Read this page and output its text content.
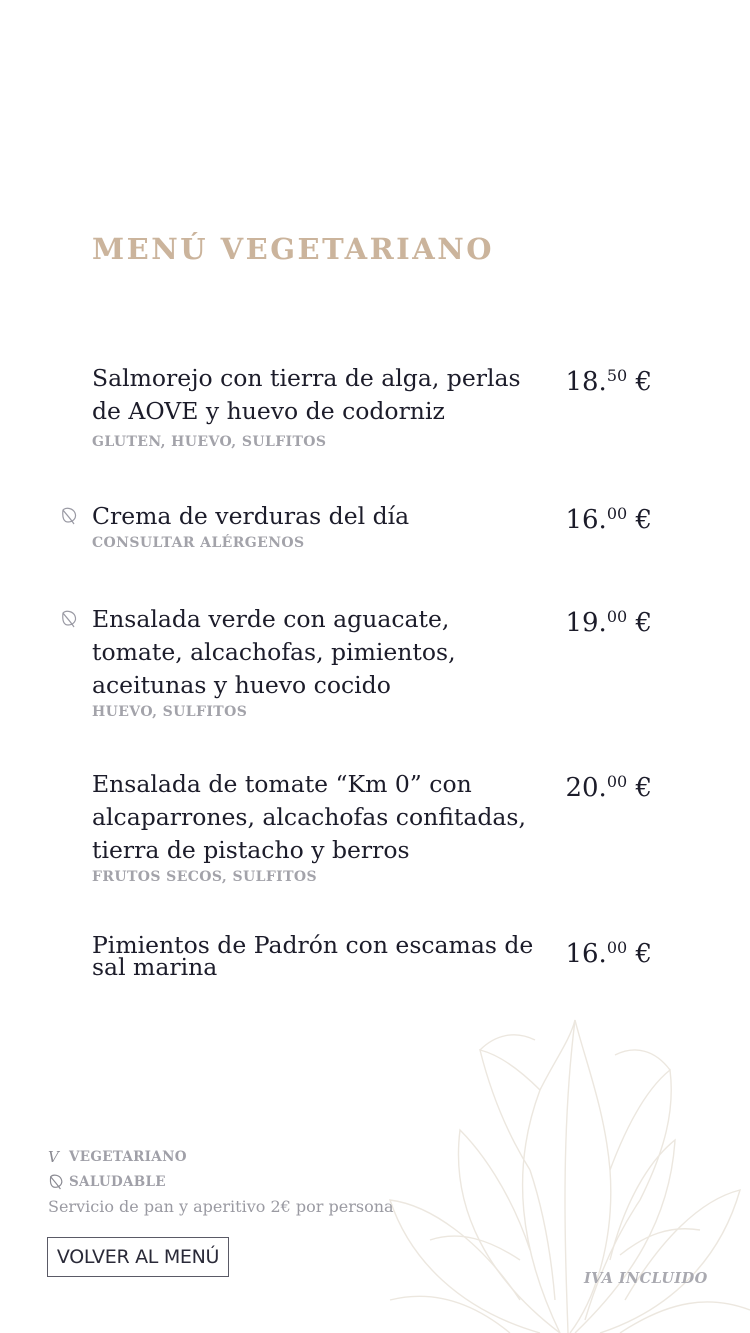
MENÚ VEGETARIANO
Salmorejo con tierra de alga, perlas de AOVE y huevo de codorniz
GLUTEN, HUEVO, SULFITOS
18.50 €
Crema de verduras del día
CONSULTAR ALÉRGENOS
16.00 €
Ensalada verde con aguacate, tomate, alcachofas, pimientos, aceitunas y huevo cocido
HUEVO, SULFITOS
19.00 €
Ensalada de tomate “Km 0” con alcaparrones, alcachofas confitadas, tierra de pistacho y berros
FRUTOS SECOS, SULFITOS
20.00 €
Pimientos de Padrón con escamas de sal marina	16.00 €
V VEGETARIANO
SALUDABLE
Servicio de pan y aperitivo 2€ por persona
VOLVER AL MENÚ
IVA INCLUIDO
